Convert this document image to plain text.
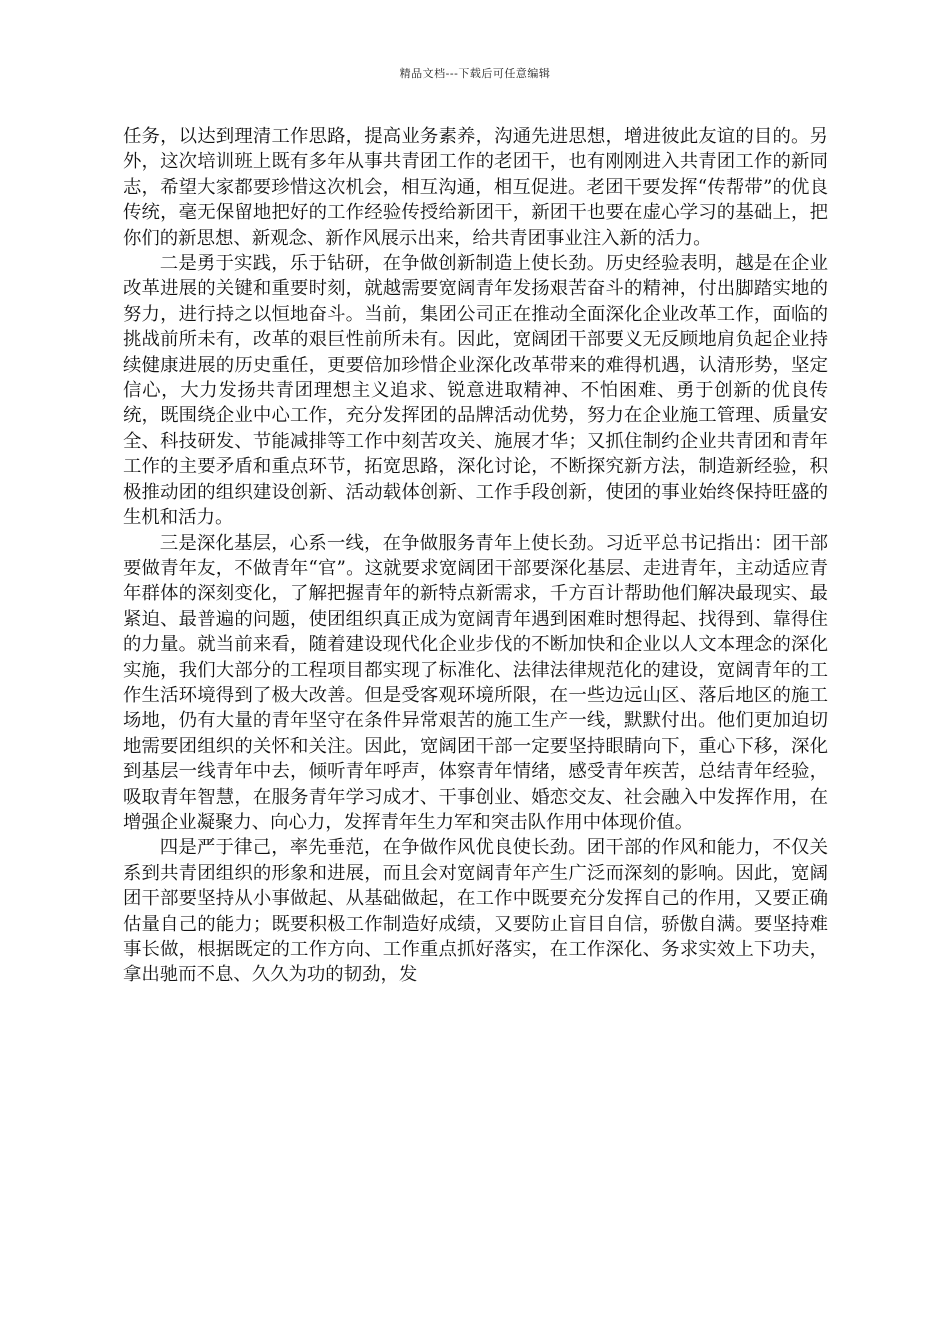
精品文档---下载后可任意编辑

任务，以达到理清工作思路，提高业务素养，沟通先进思想，增进彼此友谊的目的。另外，这次培训班上既有多年从事共青团工作的老团干，也有刚刚进入共青团工作的新同志，希望大家都要珍惜这次机会，相互沟通，相互促进。老团干要发挥“传帮带”的优良传统，毫无保留地把好的工作经验传授给新团干，新团干也要在虚心学习的基础上，把你们的新思想、新观念、新作风展示出来，给共青团事业注入新的活力。

二是勇于实践，乐于钻研，在争做创新制造上使长劲。历史经验表明，越是在企业改革进展的关键和重要时刻，就越需要宽阔青年发扬艰苦奋斗的精神，付出脚踏实地的努力，进行持之以恒地奋斗。当前，集团公司正在推动全面深化企业改革工作，面临的挑战前所未有，改革的艰巨性前所未有。因此，宽阔团干部要义无反顾地肩负起企业持续健康进展的历史重任，更要倍加珍惜企业深化改革带来的难得机遇，认清形势，坚定信心，大力发扬共青团理想主义追求、锐意进取精神、不怕困难、勇于创新的优良传统，既围绕企业中心工作，充分发挥团的品牌活动优势，努力在企业施工管理、质量安全、科技研发、节能减排等工作中刻苦攻关、施展才华；又抓住制约企业共青团和青年工作的主要矛盾和重点环节，拓宽思路，深化讨论，不断探究新方法，制造新经验，积极推动团的组织建设创新、活动载体创新、工作手段创新，使团的事业始终保持旺盛的生机和活力。

三是深化基层，心系一线，在争做服务青年上使长劲。习近平总书记指出：团干部要做青年友，不做青年“官”。这就要求宽阔团干部要深化基层、走进青年，主动适应青年群体的深刻变化，了解把握青年的新特点新需求，千方百计帮助他们解决最现实、最紧迫、最普遍的问题，使团组织真正成为宽阔青年遇到困难时想得起、找得到、靠得住的力量。就当前来看，随着建设现代化企业步伐的不断加快和企业以人文本理念的深化实施，我们大部分的工程项目都实现了标准化、法律法律规范化的建设，宽阔青年的工作生活环境得到了极大改善。但是受客观环境所限，在一些边远山区、落后地区的施工场地，仍有大量的青年坚守在条件异常艰苦的施工生产一线，默默付出。他们更加迫切地需要团组织的关怀和关注。因此，宽阔团干部一定要坚持眼睛向下，重心下移，深化到基层一线青年中去，倾听青年呼声，体察青年情绪，感受青年疾苦，总结青年经验，吸取青年智慧，在服务青年学习成才、干事创业、婚恋交友、社会融入中发挥作用，在增强企业凝聚力、向心力，发挥青年生力军和突击队作用中体现价值。

四是严于律己，率先垂范，在争做作风优良使长劲。团干部的作风和能力，不仅关系到共青团组织的形象和进展，而且会对宽阔青年产生广泛而深刻的影响。因此，宽阔团干部要坚持从小事做起、从基础做起，在工作中既要充分发挥自己的作用，又要正确估量自己的能力；既要积极工作制造好成绩，又要防止盲目自信，骄傲自满。要坚持难事长做，根据既定的工作方向、工作重点抓好落实，在工作深化、务求实效上下功夫，拿出驰而不息、久久为功的韧劲，发
